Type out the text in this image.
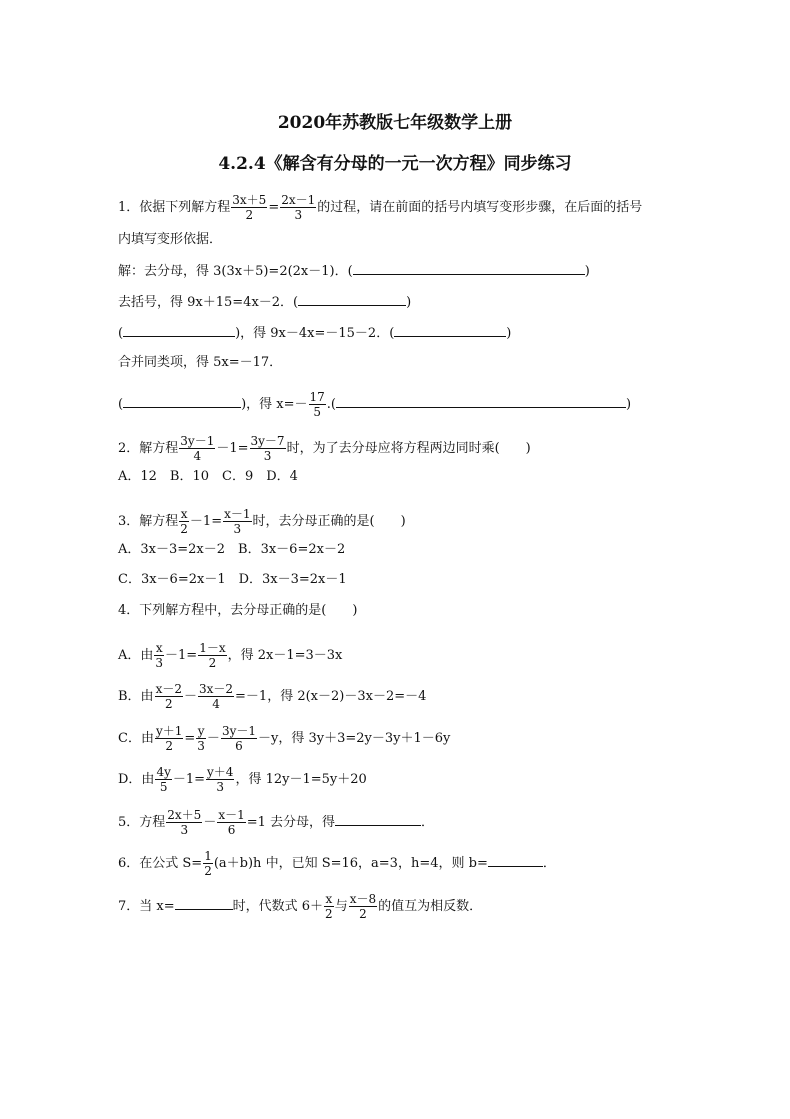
2020年苏教版七年级数学上册
4.2.4《解含有分母的一元一次方程》同步练习
1．依据下列解方程 $\frac{3x+5}{2} = \frac{2x-1}{3}$ 的过程，请在前面的括号内填写变形步骤，在后面的括号
内填写变形依据．
解：去分母，得 3(3x＋5)=2(2x－1)．(	)
去括号，得 9x＋15=4x－2．(	)
(	)，得 9x－4x=－15－2．(	)
合并同类项，得 5x=－17．
(	)，得 $x=- \frac{17}{5}$ .(	)
2．解方程 $\frac{3y-1}{4} -1= \frac{3y-7}{3}$ 时，为了去分母应将方程两边同时乘(　　)
A．12　B．10　C．9　D．4
3．解方程 $\frac{x}{2} -1= \frac{x-1}{3}$ 时，去分母正确的是(　　)
A．3x－3=2x－2　B．3x－6=2x－2
C．3x－6=2x－1　D．3x－3=2x－1
4．下列解方程中，去分母正确的是(　　)
A．由 $\frac{x}{3} -1= \frac{1-x}{2}$ ，得 2x－1=3－3x
B．由 $\frac{x-2}{2} - \frac{3x-2}{4} =-1$，得 2(x－2)－3x－2=－4
C．由 $\frac{y+1}{2} = \frac{y}{3} - \frac{3y-1}{6} -y$，得 3y＋3=2y－3y＋1－6y
D．由 $\frac{4y}{5} -1= \frac{y+4}{3}$ ，得 12y－1=5y＋20
5．方程 $\frac{2x+5}{3} - \frac{x-1}{6} =1$ 去分母，得	．
6．在公式 $S= \frac{1}{2} (a+b)h$ 中，已知 S=16，a=3，h=4，则 b=	．
7．当 x=	时，代数式 $6+ \frac{x}{2}$ 与 $\frac{x-8}{2}$ 的值互为相反数．
